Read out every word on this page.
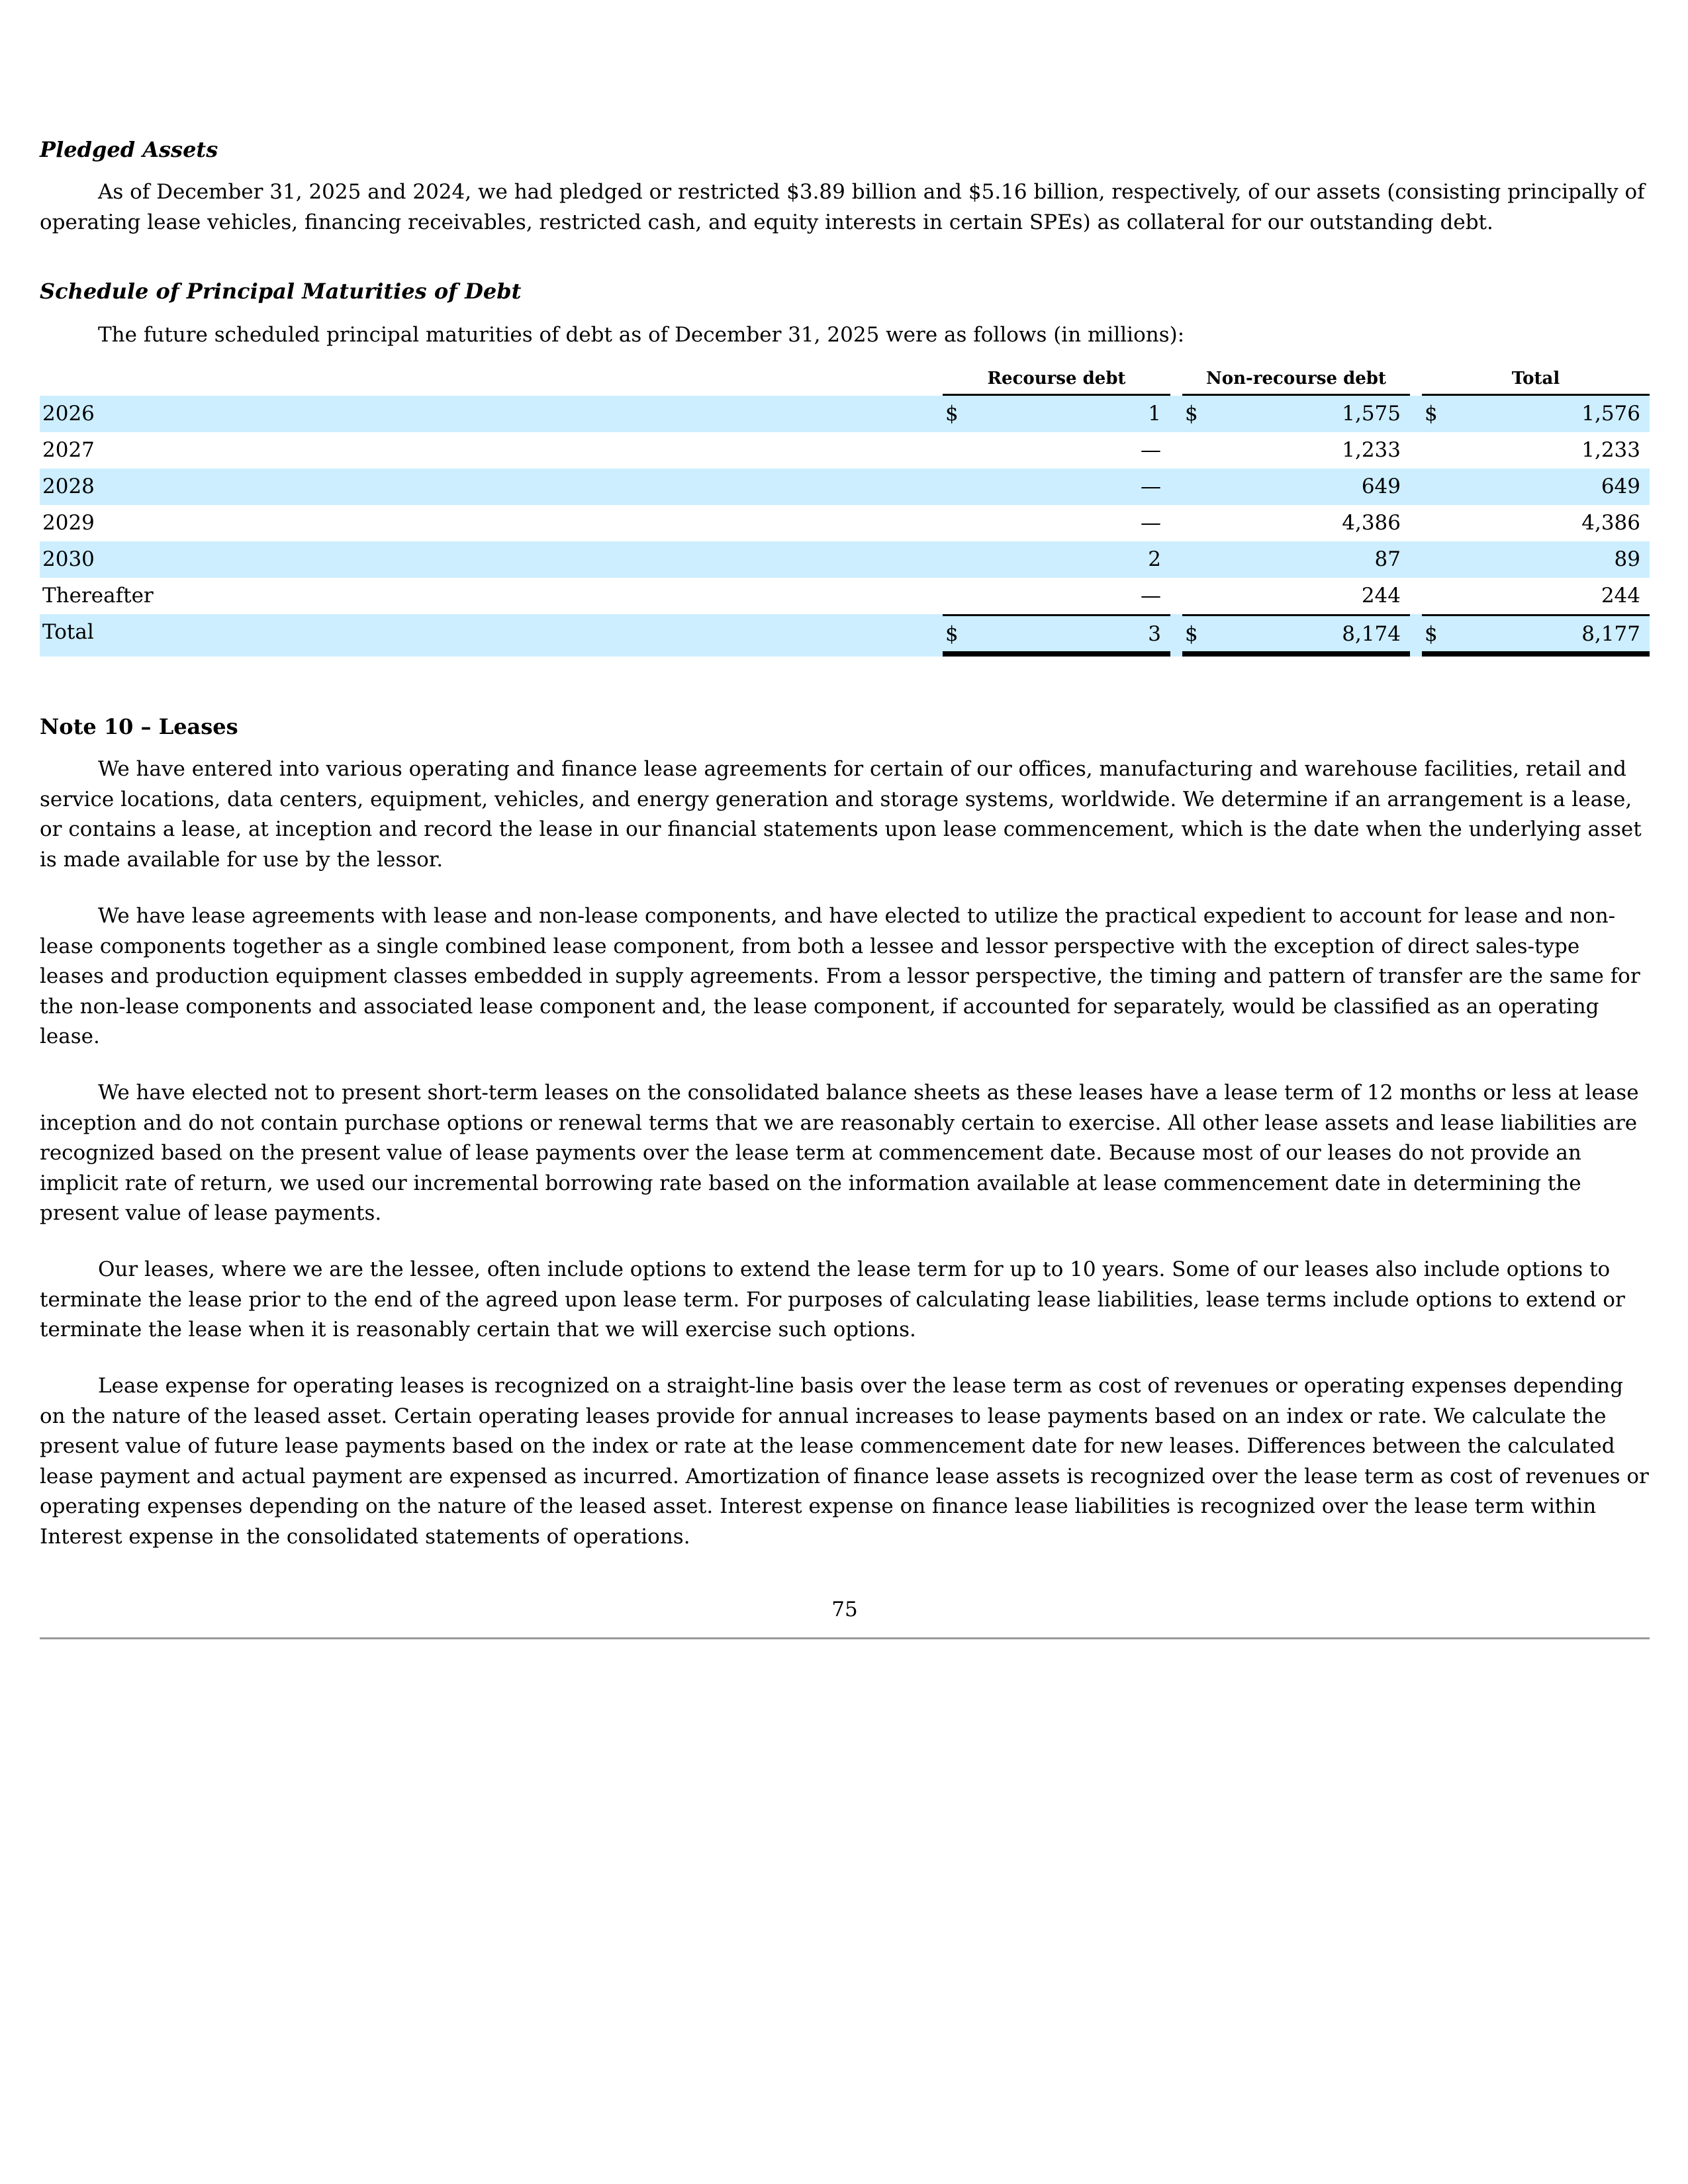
Pledged Assets

As of December 31, 2025 and 2024, we had pledged or restricted $3.89 billion and $5.16 billion, respectively, of our assets (consisting principally of operating lease vehicles, financing receivables, restricted cash, and equity interests in certain SPEs) as collateral for our outstanding debt.

Schedule of Principal Maturities of Debt

The future scheduled principal maturities of debt as of December 31, 2025 were as follows (in millions):

Recourse debt	Non-recourse debt	Total
2026	$	1 $	1,575 $	1,576
2027	—	1,233	1,233
2028	—	649	649
2029	—	4,386	4,386
2030	2	87	89
Thereafter	—	244	244
Total	$	3 $	8,174 $	8,177
Note 10 – Leases

We have entered into various operating and finance lease agreements for certain of our offices, manufacturing and warehouse facilities, retail and service locations, data centers, equipment, vehicles, and energy generation and storage systems, worldwide. We determine if an arrangement is a lease, or contains a lease, at inception and record the lease in our financial statements upon lease commencement, which is the date when the underlying asset is made available for use by the lessor.

We have lease agreements with lease and non-lease components, and have elected to utilize the practical expedient to account for lease and non-lease components together as a single combined lease component, from both a lessee and lessor perspective with the exception of direct sales-type leases and production equipment classes embedded in supply agreements. From a lessor perspective, the timing and pattern of transfer are the same for the non-lease components and associated lease component and, the lease component, if accounted for separately, would be classified as an operating lease.

We have elected not to present short-term leases on the consolidated balance sheets as these leases have a lease term of 12 months or less at lease inception and do not contain purchase options or renewal terms that we are reasonably certain to exercise. All other lease assets and lease liabilities are recognized based on the present value of lease payments over the lease term at commencement date. Because most of our leases do not provide an implicit rate of return, we used our incremental borrowing rate based on the information available at lease commencement date in determining the present value of lease payments.

Our leases, where we are the lessee, often include options to extend the lease term for up to 10 years. Some of our leases also include options to terminate the lease prior to the end of the agreed upon lease term. For purposes of calculating lease liabilities, lease terms include options to extend or terminate the lease when it is reasonably certain that we will exercise such options.

Lease expense for operating leases is recognized on a straight-line basis over the lease term as cost of revenues or operating expenses depending on the nature of the leased asset. Certain operating leases provide for annual increases to lease payments based on an index or rate. We calculate the present value of future lease payments based on the index or rate at the lease commencement date for new leases. Differences between the calculated lease payment and actual payment are expensed as incurred. Amortization of finance lease assets is recognized over the lease term as cost of revenues or operating expenses depending on the nature of the leased asset. Interest expense on finance lease liabilities is recognized over the lease term within Interest expense in the consolidated statements of operations.

75
